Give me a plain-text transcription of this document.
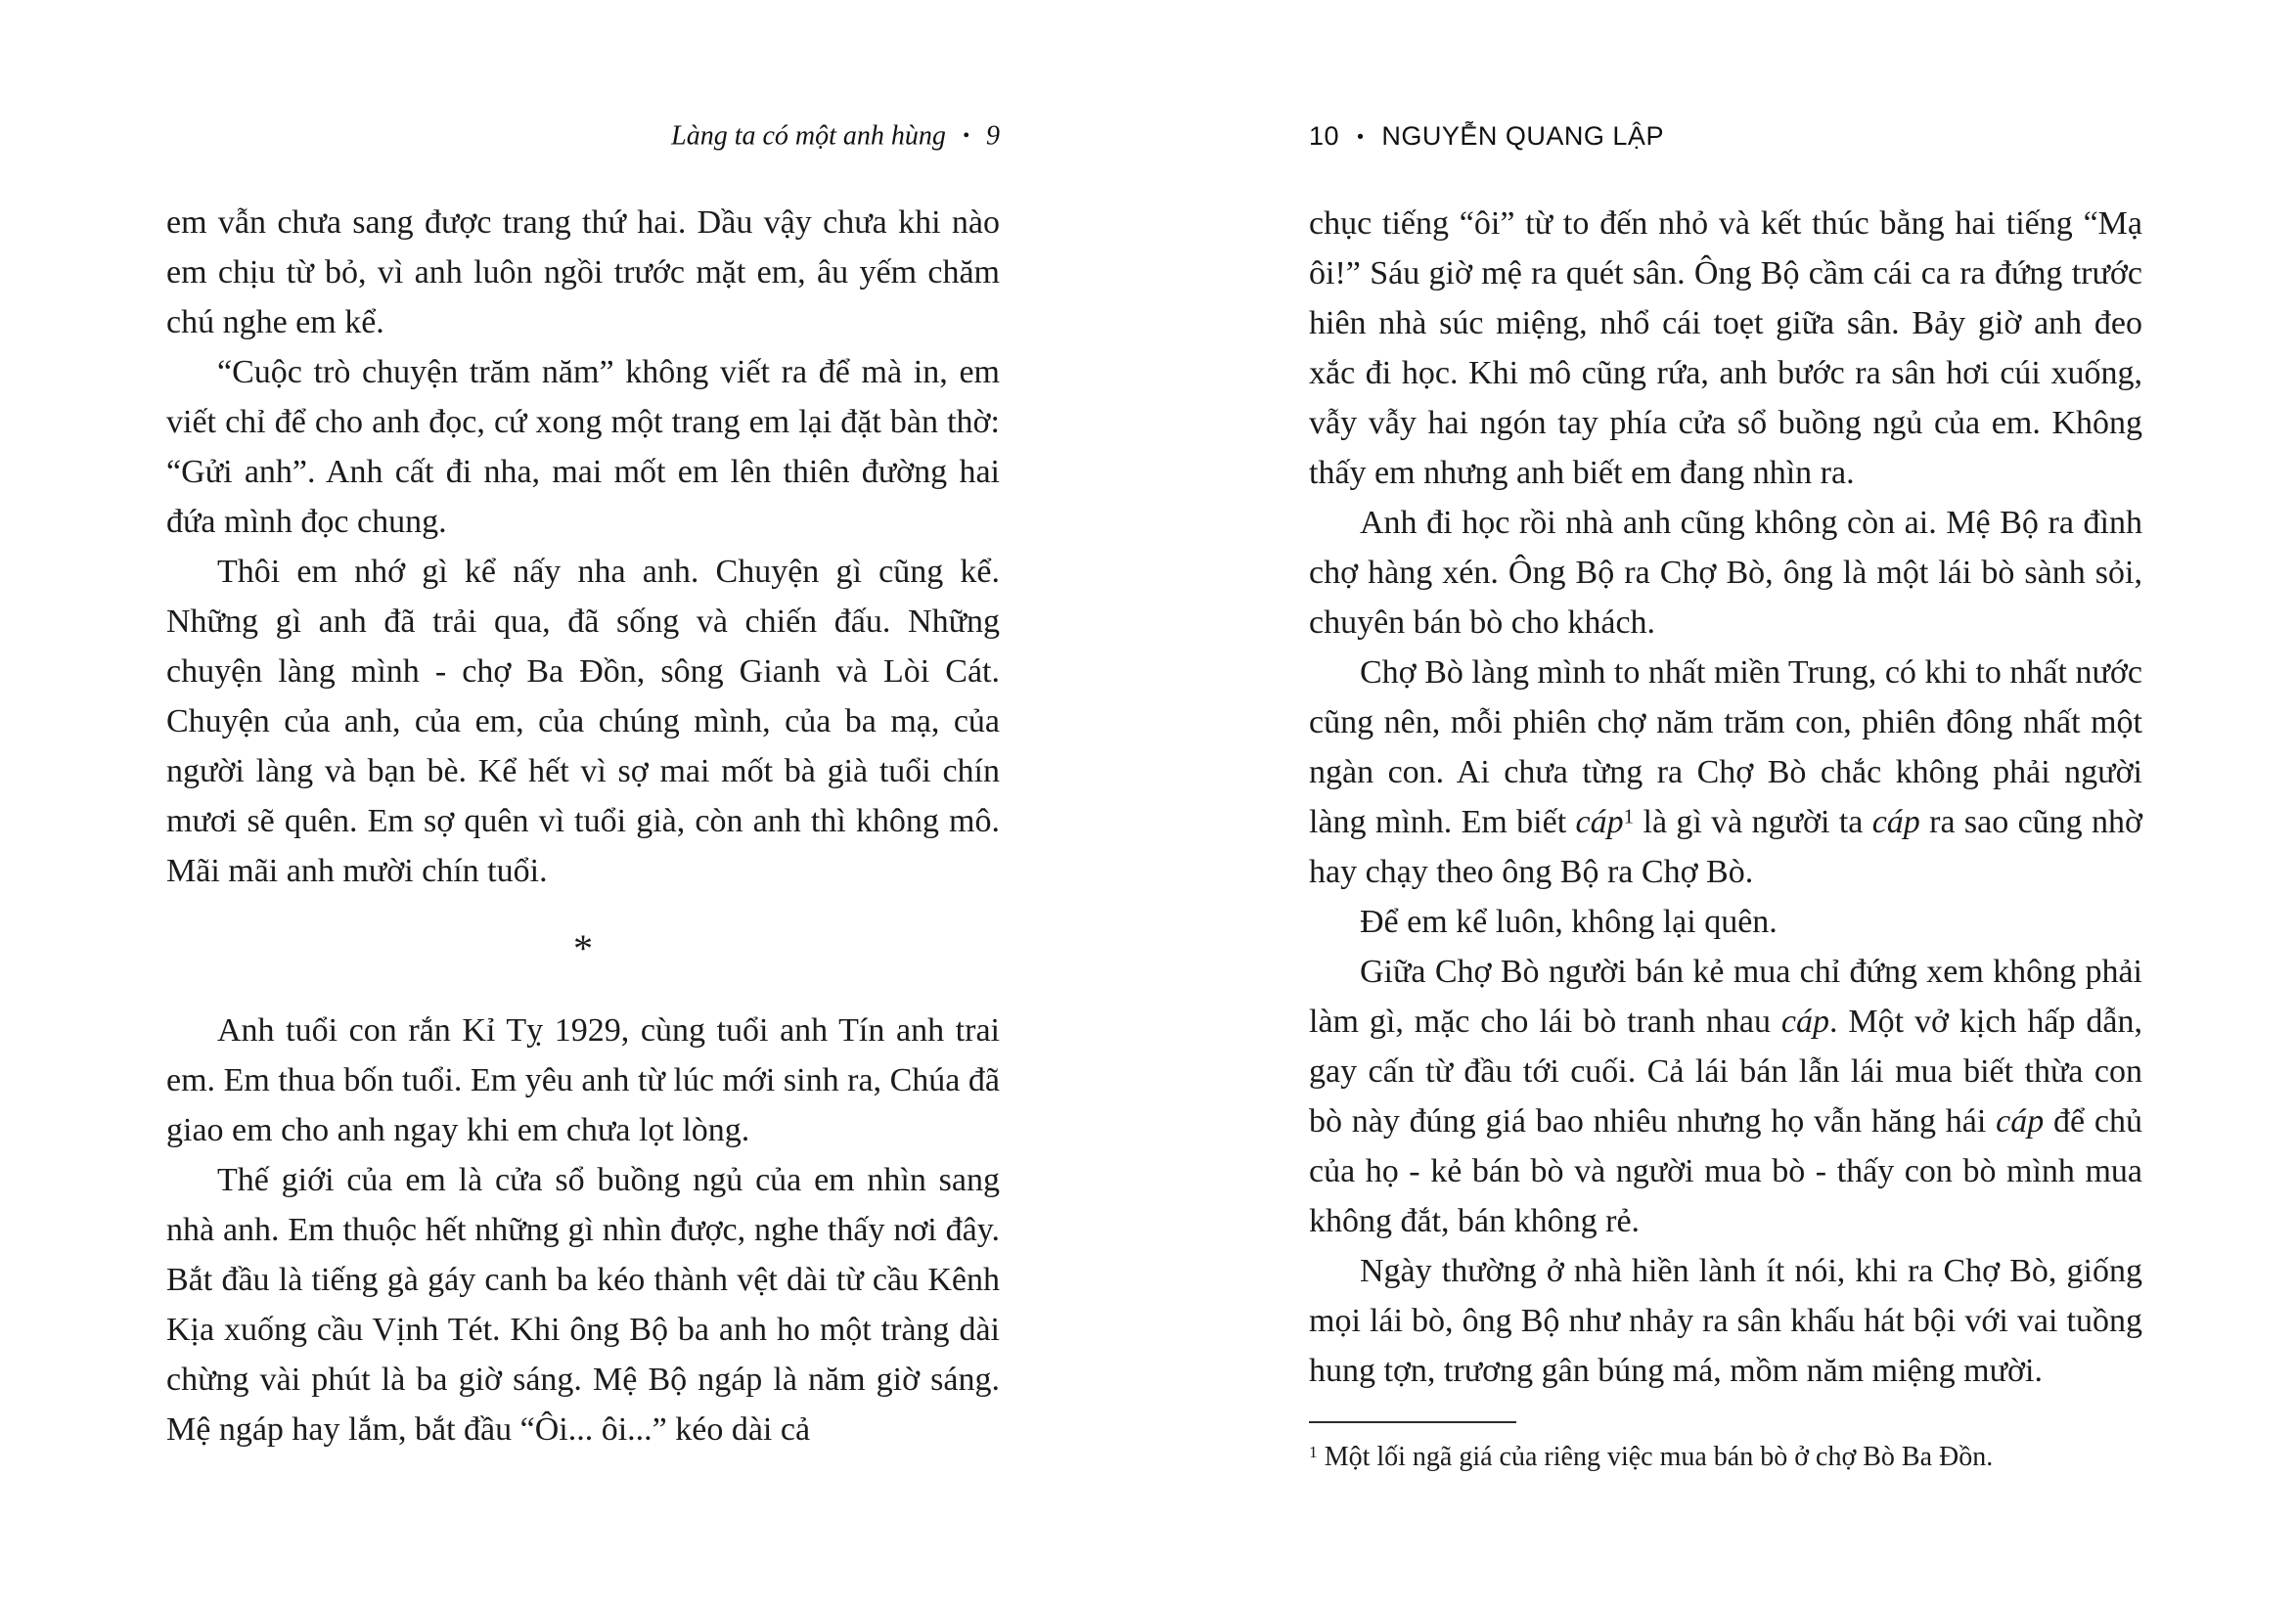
Làng ta có một anh hùng • 9

em vẫn chưa sang được trang thứ hai. Dầu vậy chưa khi nào em chịu từ bỏ, vì anh luôn ngồi trước mặt em, âu yếm chăm chú nghe em kể.

“Cuộc trò chuyện trăm năm” không viết ra để mà in, em viết chỉ để cho anh đọc, cứ xong một trang em lại đặt bàn thờ: “Gửi anh”. Anh cất đi nha, mai mốt em lên thiên đường hai đứa mình đọc chung.

Thôi em nhớ gì kể nấy nha anh. Chuyện gì cũng kể. Những gì anh đã trải qua, đã sống và chiến đấu. Những chuyện làng mình - chợ Ba Đồn, sông Gianh và Lòi Cát. Chuyện của anh, của em, của chúng mình, của ba mạ, của người làng và bạn bè. Kể hết vì sợ mai mốt bà già tuổi chín mươi sẽ quên. Em sợ quên vì tuổi già, còn anh thì không mô. Mãi mãi anh mười chín tuổi.

*

Anh tuổi con rắn Kỉ Tỵ 1929, cùng tuổi anh Tín anh trai em. Em thua bốn tuổi. Em yêu anh từ lúc mới sinh ra, Chúa đã giao em cho anh ngay khi em chưa lọt lòng.

Thế giới của em là cửa sổ buồng ngủ của em nhìn sang nhà anh. Em thuộc hết những gì nhìn được, nghe thấy nơi đây. Bắt đầu là tiếng gà gáy canh ba kéo thành vệt dài từ cầu Kênh Kịa xuống cầu Vịnh Tét. Khi ông Bộ ba anh ho một tràng dài chừng vài phút là ba giờ sáng. Mệ Bộ ngáp là năm giờ sáng. Mệ ngáp hay lắm, bắt đầu “Ôi... ôi...” kéo dài cả

10 • NGUYỄN QUANG LẬP

chục tiếng “ôi” từ to đến nhỏ và kết thúc bằng hai tiếng “Mạ ôi!” Sáu giờ mệ ra quét sân. Ông Bộ cầm cái ca ra đứng trước hiên nhà súc miệng, nhổ cái toẹt giữa sân. Bảy giờ anh đeo xắc đi học. Khi mô cũng rứa, anh bước ra sân hơi cúi xuống, vẫy vẫy hai ngón tay phía cửa sổ buồng ngủ của em. Không thấy em nhưng anh biết em đang nhìn ra.

Anh đi học rồi nhà anh cũng không còn ai. Mệ Bộ ra đình chợ hàng xén. Ông Bộ ra Chợ Bò, ông là một lái bò sành sỏi, chuyên bán bò cho khách.

Chợ Bò làng mình to nhất miền Trung, có khi to nhất nước cũng nên, mỗi phiên chợ năm trăm con, phiên đông nhất một ngàn con. Ai chưa từng ra Chợ Bò chắc không phải người làng mình. Em biết cáp$^1$ là gì và người ta cáp ra sao cũng nhờ hay chạy theo ông Bộ ra Chợ Bò.

Để em kể luôn, không lại quên.

Giữa Chợ Bò người bán kẻ mua chỉ đứng xem không phải làm gì, mặc cho lái bò tranh nhau cáp. Một vở kịch hấp dẫn, gay cấn từ đầu tới cuối. Cả lái bán lẫn lái mua biết thừa con bò này đúng giá bao nhiêu nhưng họ vẫn hăng hái cáp để chủ của họ - kẻ bán bò và người mua bò - thấy con bò mình mua không đắt, bán không rẻ.

Ngày thường ở nhà hiền lành ít nói, khi ra Chợ Bò, giống mọi lái bò, ông Bộ như nhảy ra sân khấu hát bội với vai tuồng hung tợn, trương gân búng má, mồm năm miệng mười.

$^1$ Một lối ngã giá của riêng việc mua bán bò ở chợ Bò Ba Đồn.
